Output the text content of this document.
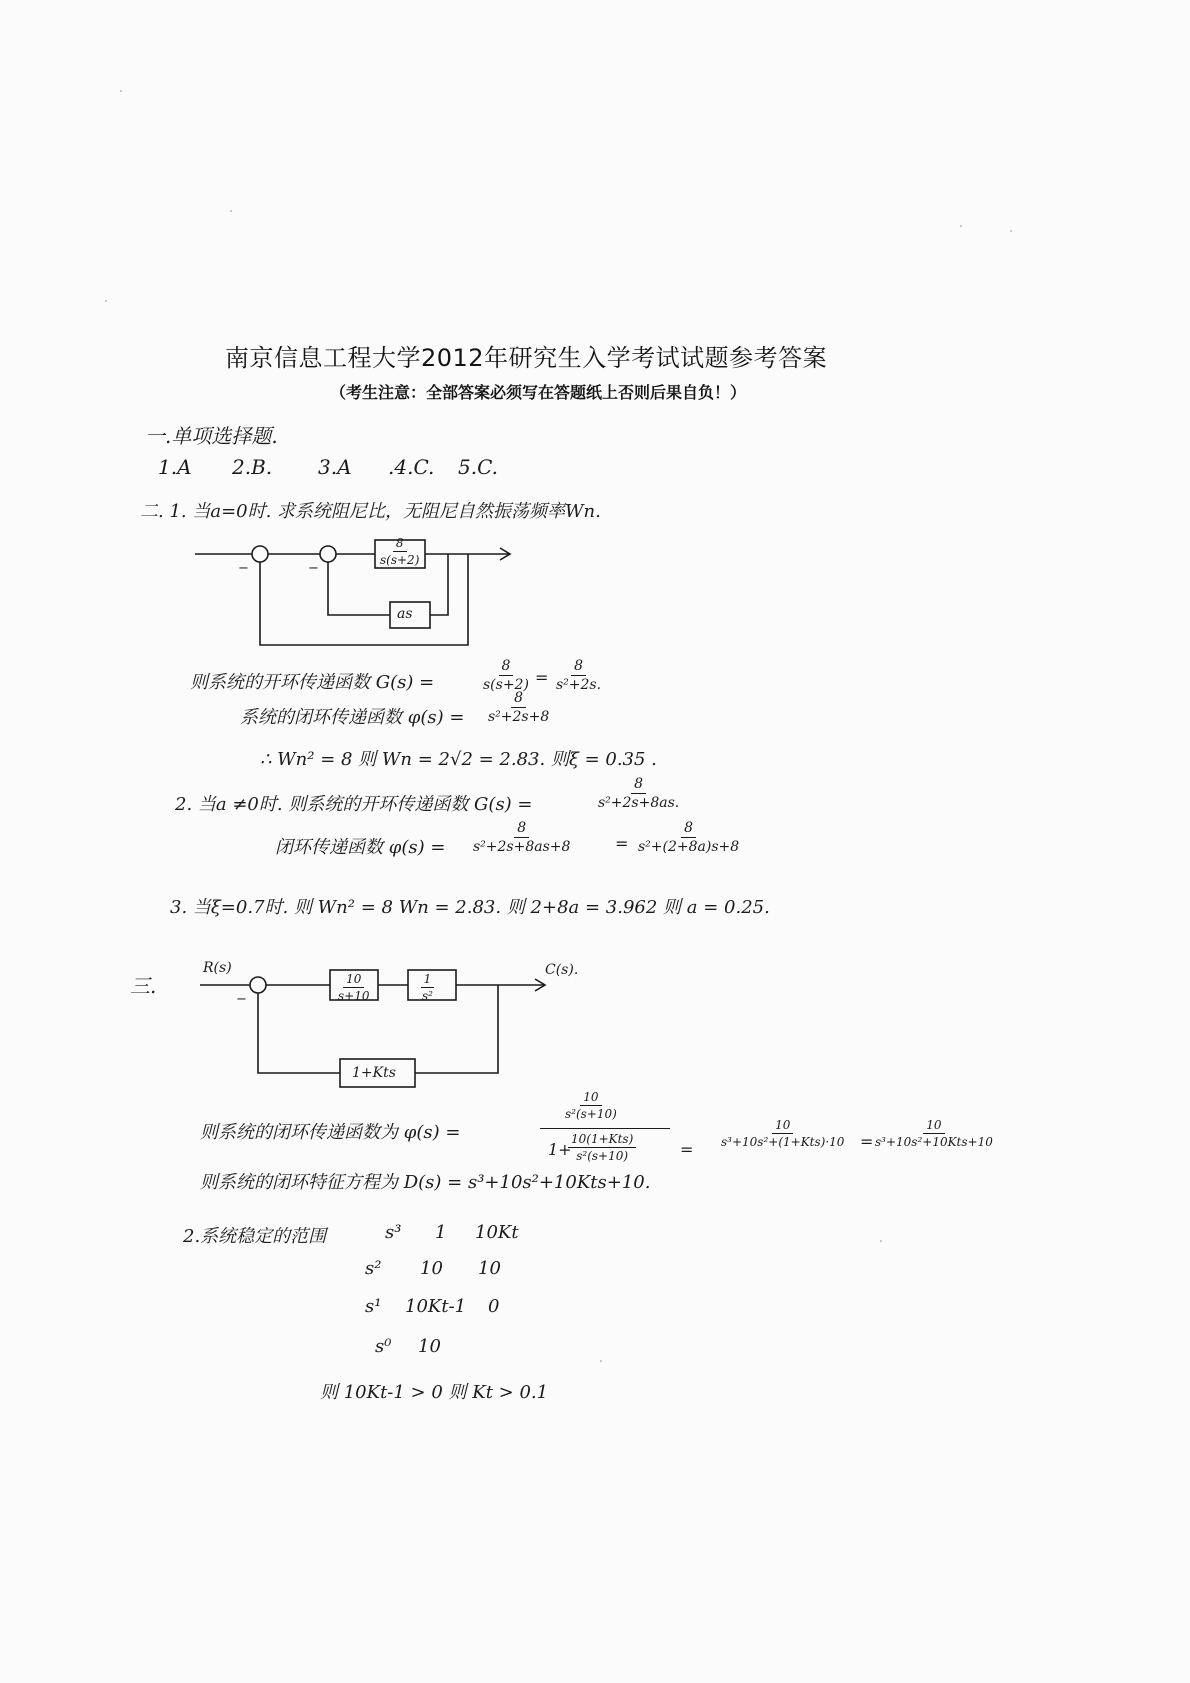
南京信息工程大学2012年研究生入学考试试题参考答案
（考生注意：全部答案必须写在答题纸上否则后果自负！）
一.单项选择题.
1.A 2.B. 3.A .4.C. 5.C.
二. 1. 当a=0时. 求系统阻尼比，无阻尼自然振荡频率Wn.
−	−
$\frac{8}{s(s+2)}$
as
则系统的开环传递函数 G(s) =	$\frac{8}{s(s+2)} = \frac{8}{\text{s²+2s.}}$
系统的闭环传递函数 $\varphi(s) = \frac{8}{\text{s²+2s+8}}$
∴ Wn² = 8 则 Wn = 2√2 = 2.83. 则ξ = 0.35 .
2. 当a ≠0时. 则系统的开环传递函数 G(s) =	$\frac{8}{\text{s²+2s+8as.}}$
闭环传递函数 $\varphi(s) = \frac{8}{\text{s²+2s+8as+8}}$	= $\frac{8}{\text{s²+(2+8a)s+8}}$
3. 当ξ=0.7时. 则 Wn² = 8 Wn = 2.83. 则 2+8a = 3.962 则 a = 0.25.
三.
R(s)	C(s).
−	$\frac{10}{s+10}$	$\frac{1}{\text{s²}}$
1+Kts
则系统的闭环传递函数为 φ(s) =
$\frac{10}{\text{s²(s+10)}}$
1+
10(1+Kts)
s²(s+10)	=
10
s³+10s²+(1+Kts)·10 =
10
s³+10s²+10Kts+10
则系统的闭环特征方程为 D(s) = s³+10s²+10Kts+10.
2.系统稳定的范围	s³ 1 10Kt
s² 10 10
s¹ 10Kt-1 0
s⁰ 10
则 10Kt-1 > 0 则 Kt > 0.1
